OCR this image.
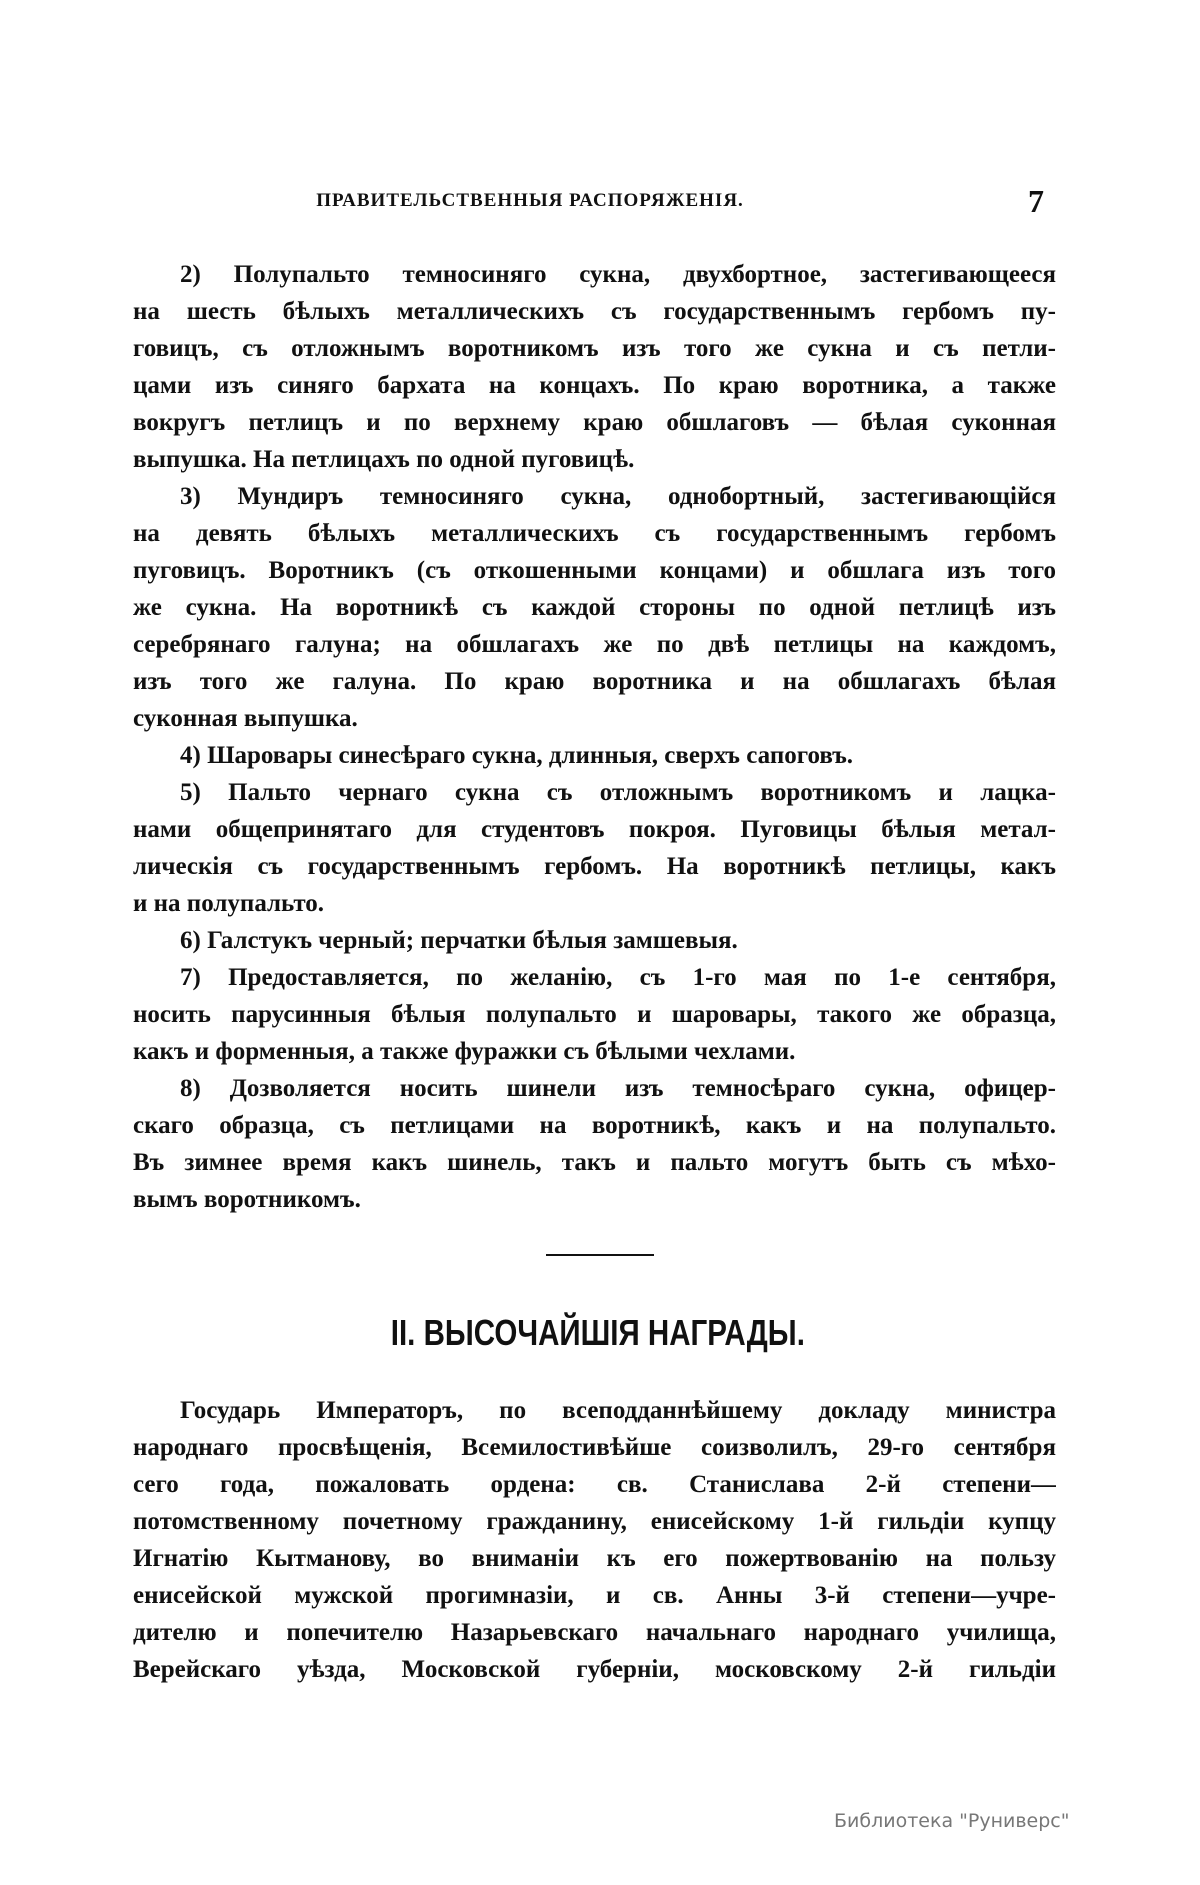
ПРАВИТЕЛЬСТВЕННЫЯ РАСПОРЯЖЕНІЯ.	7
2) Полупальто темносиняго сукна, двухбортное, застегивающееся
на шесть бѣлыхъ металлическихъ съ государственнымъ гербомъ пу-
говицъ, съ отложнымъ воротникомъ изъ того же сукна и съ петли-
цами изъ синяго бархата на концахъ. По краю воротника, а также
вокругъ петлицъ и по верхнему краю обшлаговъ — бѣлая суконная
выпушка. На петлицахъ по одной пуговицѣ.
3) Мундиръ темносиняго сукна, однобортный, застегивающійся
на девять бѣлыхъ металлическихъ съ государственнымъ гербомъ
пуговицъ. Воротникъ (съ откошенными концами) и обшлага изъ того
же сукна. На воротникѣ съ каждой стороны по одной петлицѣ изъ
серебрянаго галуна; на обшлагахъ же по двѣ петлицы на каждомъ,
изъ того же галуна. По краю воротника и на обшлагахъ бѣлая
суконная выпушка.
4) Шаровары синесѣраго сукна, длинныя, сверхъ сапоговъ.
5) Пальто чернаго сукна съ отложнымъ воротникомъ и лацка-
нами общепринятаго для студентовъ покроя. Пуговицы бѣлыя метал-
лическія съ государственнымъ гербомъ. На воротникѣ петлицы, какъ
и на полупальто.
6) Галстукъ черный; перчатки бѣлыя замшевыя.
7) Предоставляется, по желанію, съ 1-го мая по 1-е сентября,
носить парусинныя бѣлыя полупальто и шаровары, такого же образца,
какъ и форменныя, а также фуражки съ бѣлыми чехлами.
8) Дозволяется носить шинели изъ темносѣраго сукна, офицер-
скаго образца, съ петлицами на воротникѣ, какъ и на полупальто.
Въ зимнее время какъ шинель, такъ и пальто могутъ быть съ мѣхо-
вымъ воротникомъ.
II. ВЫСОЧАЙШІЯ НАГРАДЫ.
Государь Императоръ, по всеподданнѣйшему докладу министра
народнаго просвѣщенія, Всемилостивѣйше соизволилъ, 29-го сентября
сего года, пожаловать ордена: св. Станислава 2-й степени—
потомственному почетному гражданину, енисейскому 1-й гильдіи купцу
Игнатію Кытманову, во вниманіи къ его пожертвованію на пользу
енисейской мужской прогимназіи, и св. Анны 3-й степени—учре-
дителю и попечителю Назарьевскаго начальнаго народнаго училища,
Верейскаго уѣзда, Московской губерніи, московскому 2-й гильдіи
Библиотека "Руниверс"
